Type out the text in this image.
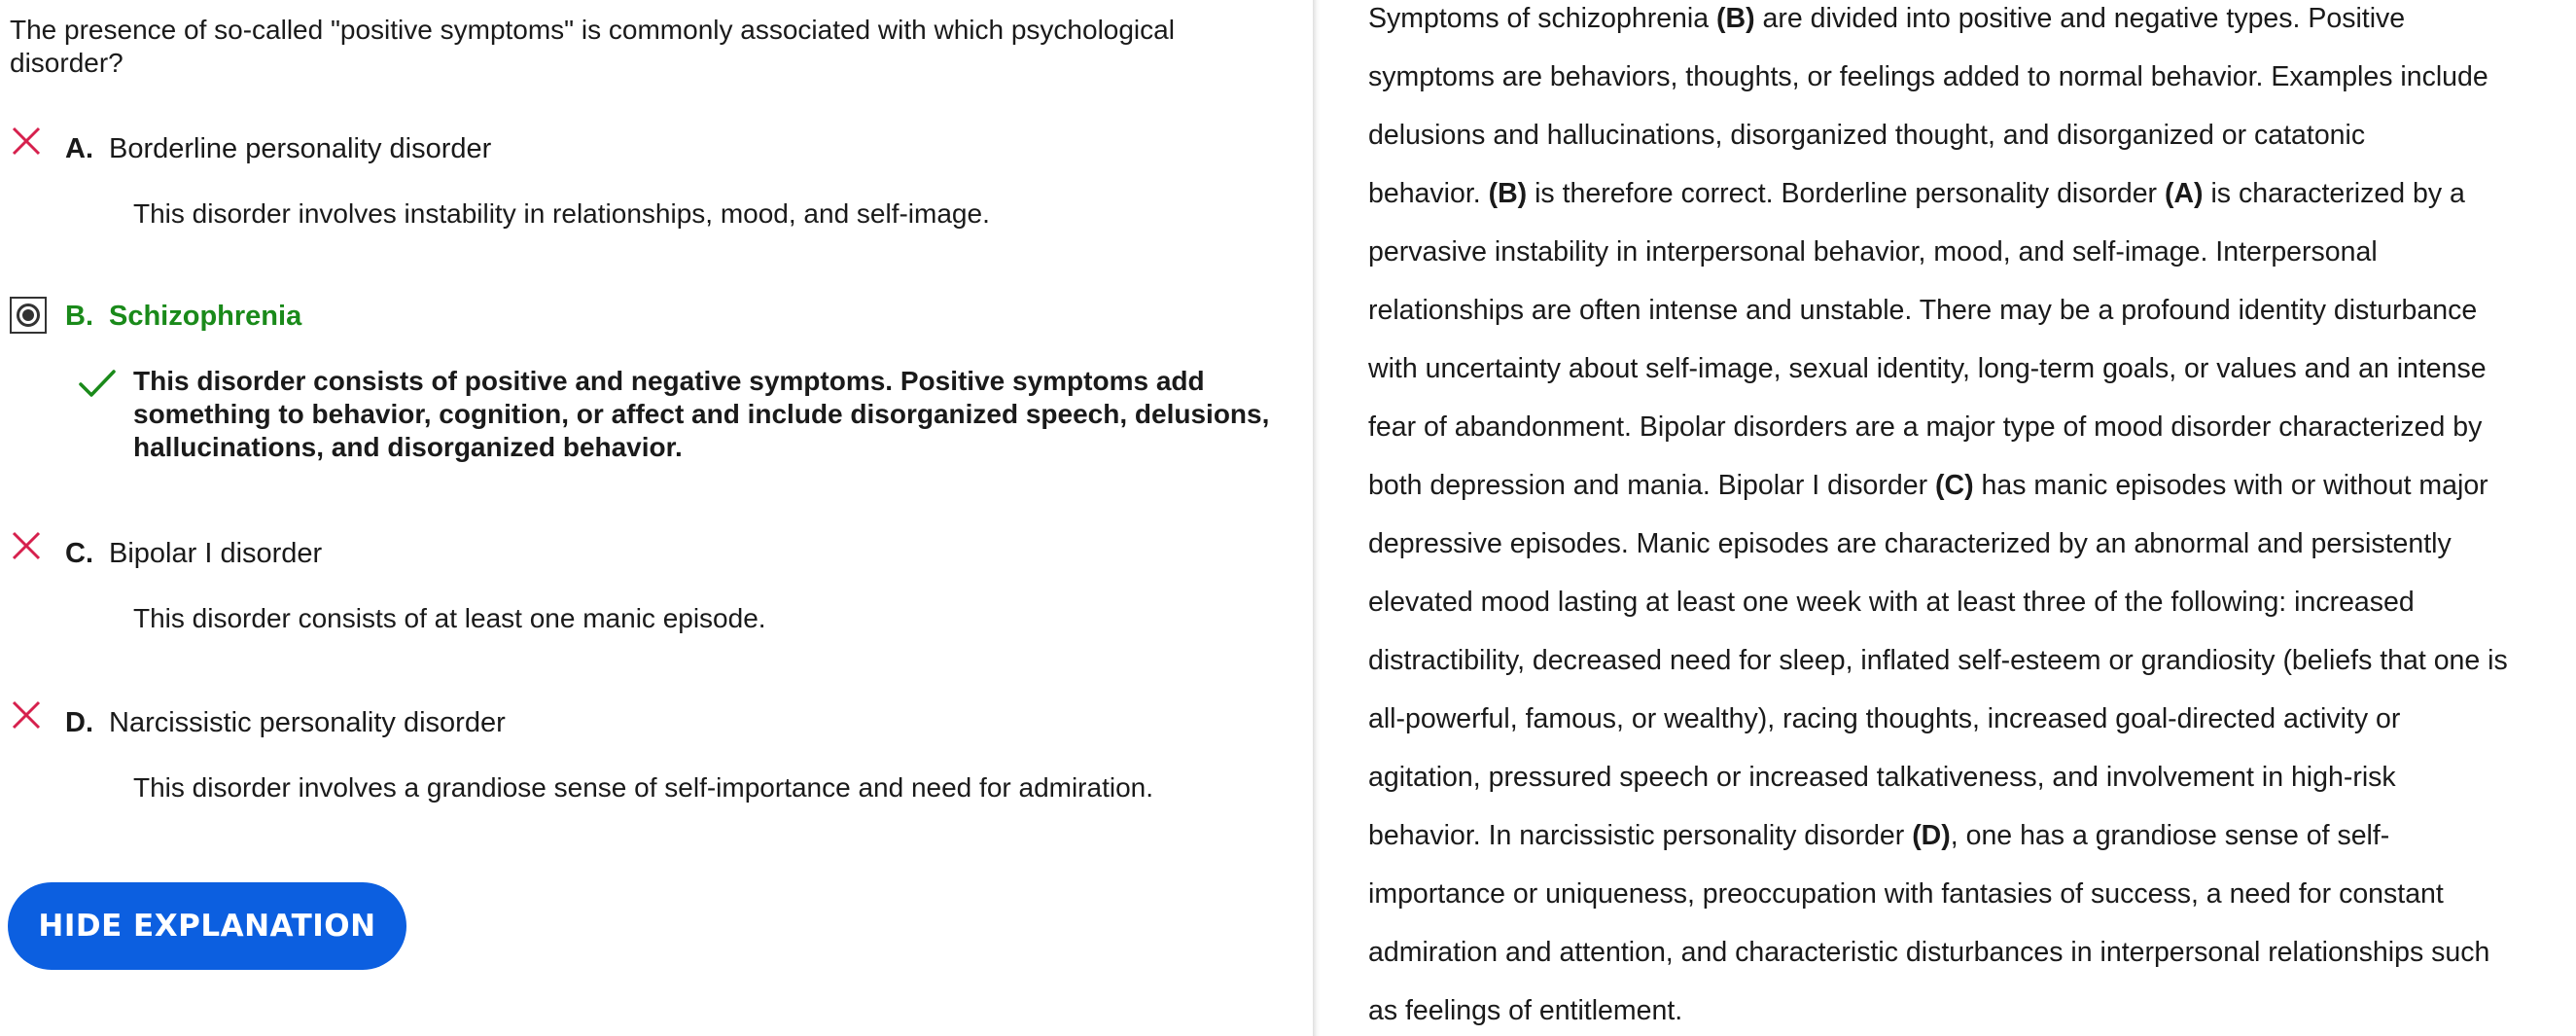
The presence of so-called "positive symptoms" is commonly associated with which psychological disorder?
A. Borderline personality disorder
This disorder involves instability in relationships, mood, and self-image.
B. Schizophrenia
This disorder consists of positive and negative symptoms. Positive symptoms add something to behavior, cognition, or affect and include disorganized speech, delusions, hallucinations, and disorganized behavior.
C. Bipolar I disorder
This disorder consists of at least one manic episode.
D. Narcissistic personality disorder
This disorder involves a grandiose sense of self-importance and need for admiration.
HIDE EXPLANATION

Symptoms of schizophrenia (B) are divided into positive and negative types. Positive
symptoms are behaviors, thoughts, or feelings added to normal behavior. Examples include
delusions and hallucinations, disorganized thought, and disorganized or catatonic
behavior. (B) is therefore correct. Borderline personality disorder (A) is characterized by a
pervasive instability in interpersonal behavior, mood, and self-image. Interpersonal
relationships are often intense and unstable. There may be a profound identity disturbance
with uncertainty about self-image, sexual identity, long-term goals, or values and an intense
fear of abandonment. Bipolar disorders are a major type of mood disorder characterized by
both depression and mania. Bipolar I disorder (C) has manic episodes with or without major
depressive episodes. Manic episodes are characterized by an abnormal and persistently
elevated mood lasting at least one week with at least three of the following: increased
distractibility, decreased need for sleep, inflated self-esteem or grandiosity (beliefs that one is
all-powerful, famous, or wealthy), racing thoughts, increased goal-directed activity or
agitation, pressured speech or increased talkativeness, and involvement in high-risk
behavior. In narcissistic personality disorder (D), one has a grandiose sense of self-
importance or uniqueness, preoccupation with fantasies of success, a need for constant
admiration and attention, and characteristic disturbances in interpersonal relationships such
as feelings of entitlement.
